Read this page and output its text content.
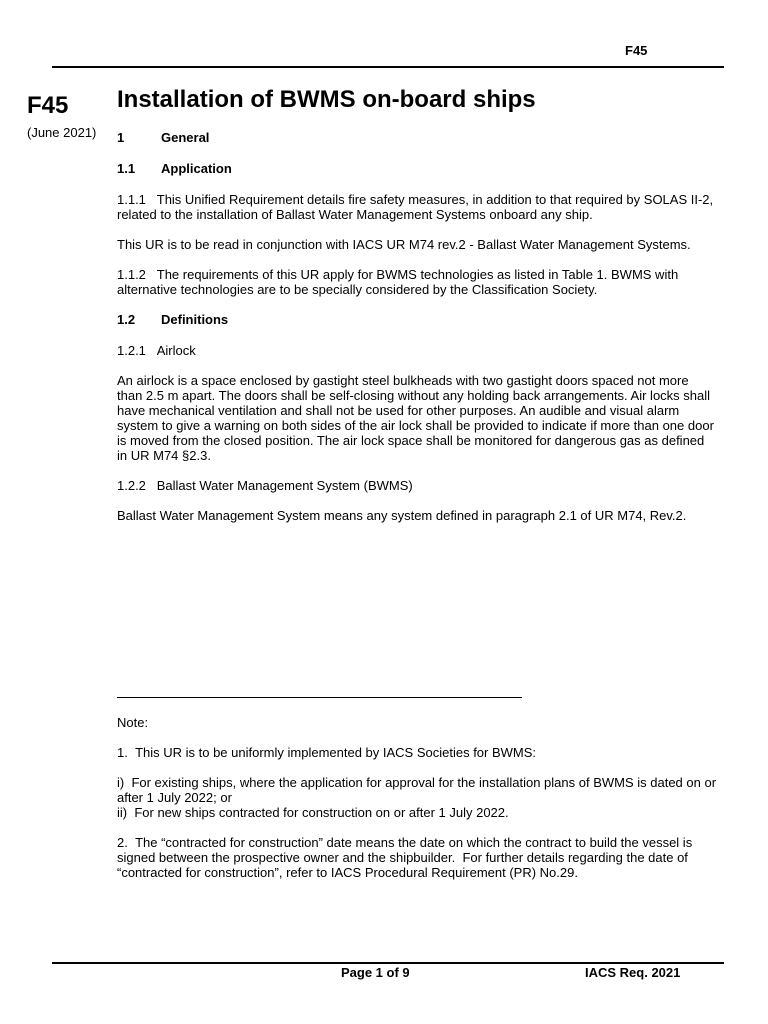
F45
F45
(June 2021)
Installation of BWMS on-board ships
1	General
1.1	Application

1.1.1   This Unified Requirement details fire safety measures, in addition to that required by SOLAS II-2, related to the installation of Ballast Water Management Systems onboard any ship.

This UR is to be read in conjunction with IACS UR M74 rev.2 - Ballast Water Management Systems.

1.1.2   The requirements of this UR apply for BWMS technologies as listed in Table 1. BWMS with alternative technologies are to be specially considered by the Classification Society.

1.2	Definitions

1.2.1   Airlock

An airlock is a space enclosed by gastight steel bulkheads with two gastight doors spaced not more than 2.5 m apart. The doors shall be self-closing without any holding back arrangements. Air locks shall have mechanical ventilation and shall not be used for other purposes. An audible and visual alarm system to give a warning on both sides of the air lock shall be provided to indicate if more than one door is moved from the closed position. The air lock space shall be monitored for dangerous gas as defined in UR M74 §2.3.

1.2.2   Ballast Water Management System (BWMS)

Ballast Water Management System means any system defined in paragraph 2.1 of UR M74, Rev.2.

Note:

1.  This UR is to be uniformly implemented by IACS Societies for BWMS:

i)  For existing ships, where the application for approval for the installation plans of BWMS is dated on or after 1 July 2022; or

ii)  For new ships contracted for construction on or after 1 July 2022.

2.  The “contracted for construction” date means the date on which the contract to build the vessel is signed between the prospective owner and the shipbuilder.  For further details regarding the date of “contracted for construction”, refer to IACS Procedural Requirement (PR) No.29.

Page 1 of 9	IACS Req. 2021
